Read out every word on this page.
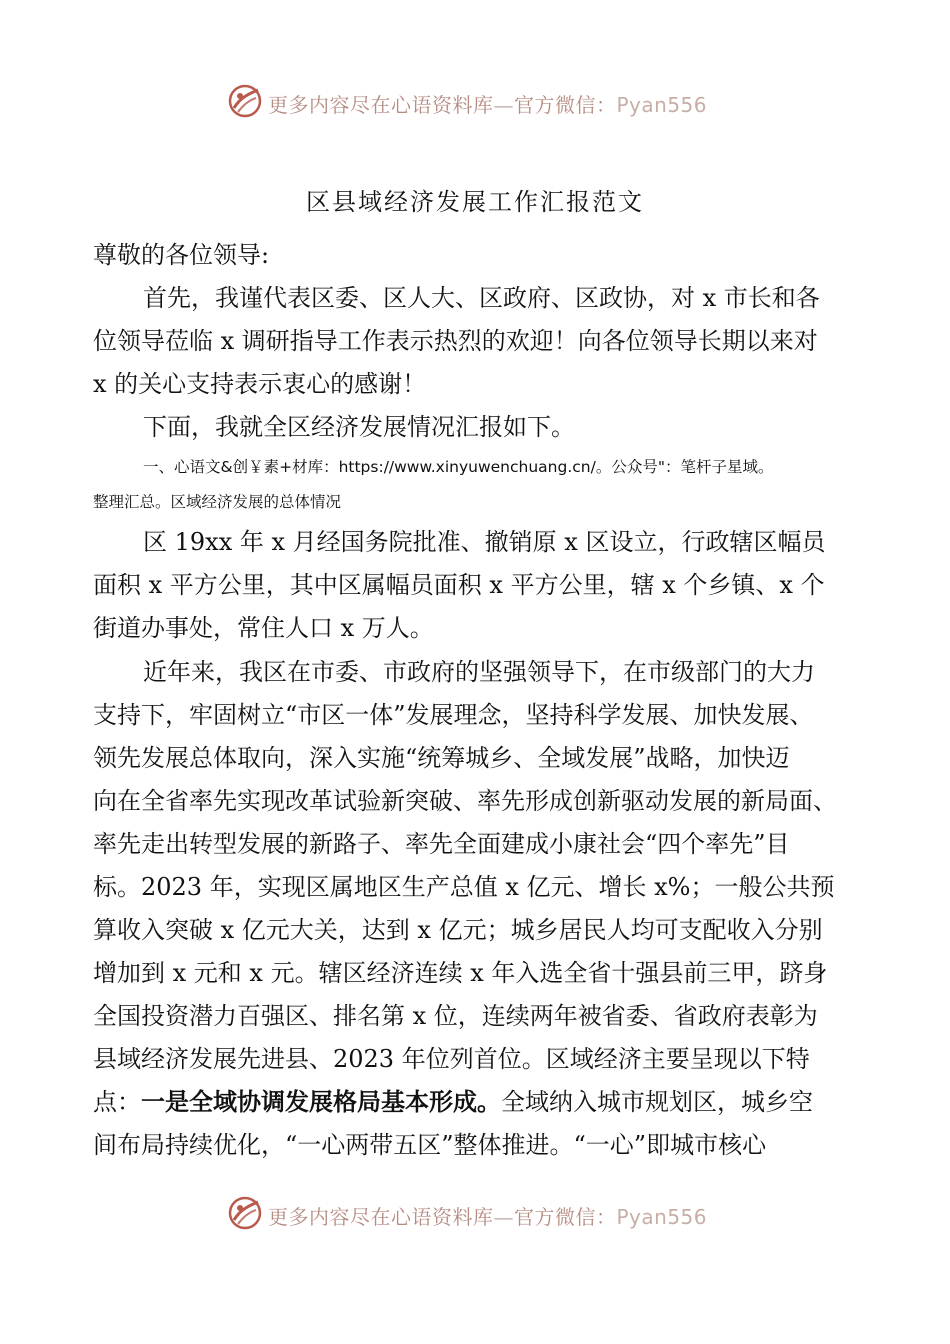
更多内容尽在心语资料库—官方微信：Pyan556
区县域经济发展工作汇报范文
尊敬的各位领导:
首先，我谨代表区委、区人大、区政府、区政协，对 x 市长和各
位领导莅临 x 调研指导工作表示热烈的欢迎！向各位领导长期以来对
x 的关心支持表示衷心的感谢！
下面，我就全区经济发展情况汇报如下。
一、心语文&创￥素+材库：https://www.xinyuwenchuang.cn/。公众号"：笔杆子星域。
整理汇总。区域经济发展的总体情况
区 19xx 年 x 月经国务院批准、撤销原 x 区设立，行政辖区幅员
面积 x 平方公里，其中区属幅员面积 x 平方公里，辖 x 个乡镇、x 个
街道办事处，常住人口 x 万人。
近年来，我区在市委、市政府的坚强领导下，在市级部门的大力
支持下，牢固树立“市区一体”发展理念，坚持科学发展、加快发展、
领先发展总体取向，深入实施“统筹城乡、全域发展”战略，加快迈
向在全省率先实现改革试验新突破、率先形成创新驱动发展的新局面、
率先走出转型发展的新路子、率先全面建成小康社会“四个率先”目
标。2023 年，实现区属地区生产总值 x 亿元、增长 x%；一般公共预
算收入突破 x 亿元大关，达到 x 亿元；城乡居民人均可支配收入分别
增加到 x 元和 x 元。辖区经济连续 x 年入选全省十强县前三甲，跻身
全国投资潜力百强区、排名第 x 位，连续两年被省委、省政府表彰为
县域经济发展先进县、2023 年位列首位。区域经济主要呈现以下特
点：一是全域协调发展格局基本形成。全域纳入城市规划区，城乡空
间布局持续优化，“一心两带五区”整体推进。“一心”即城市核心
更多内容尽在心语资料库—官方微信：Pyan556
